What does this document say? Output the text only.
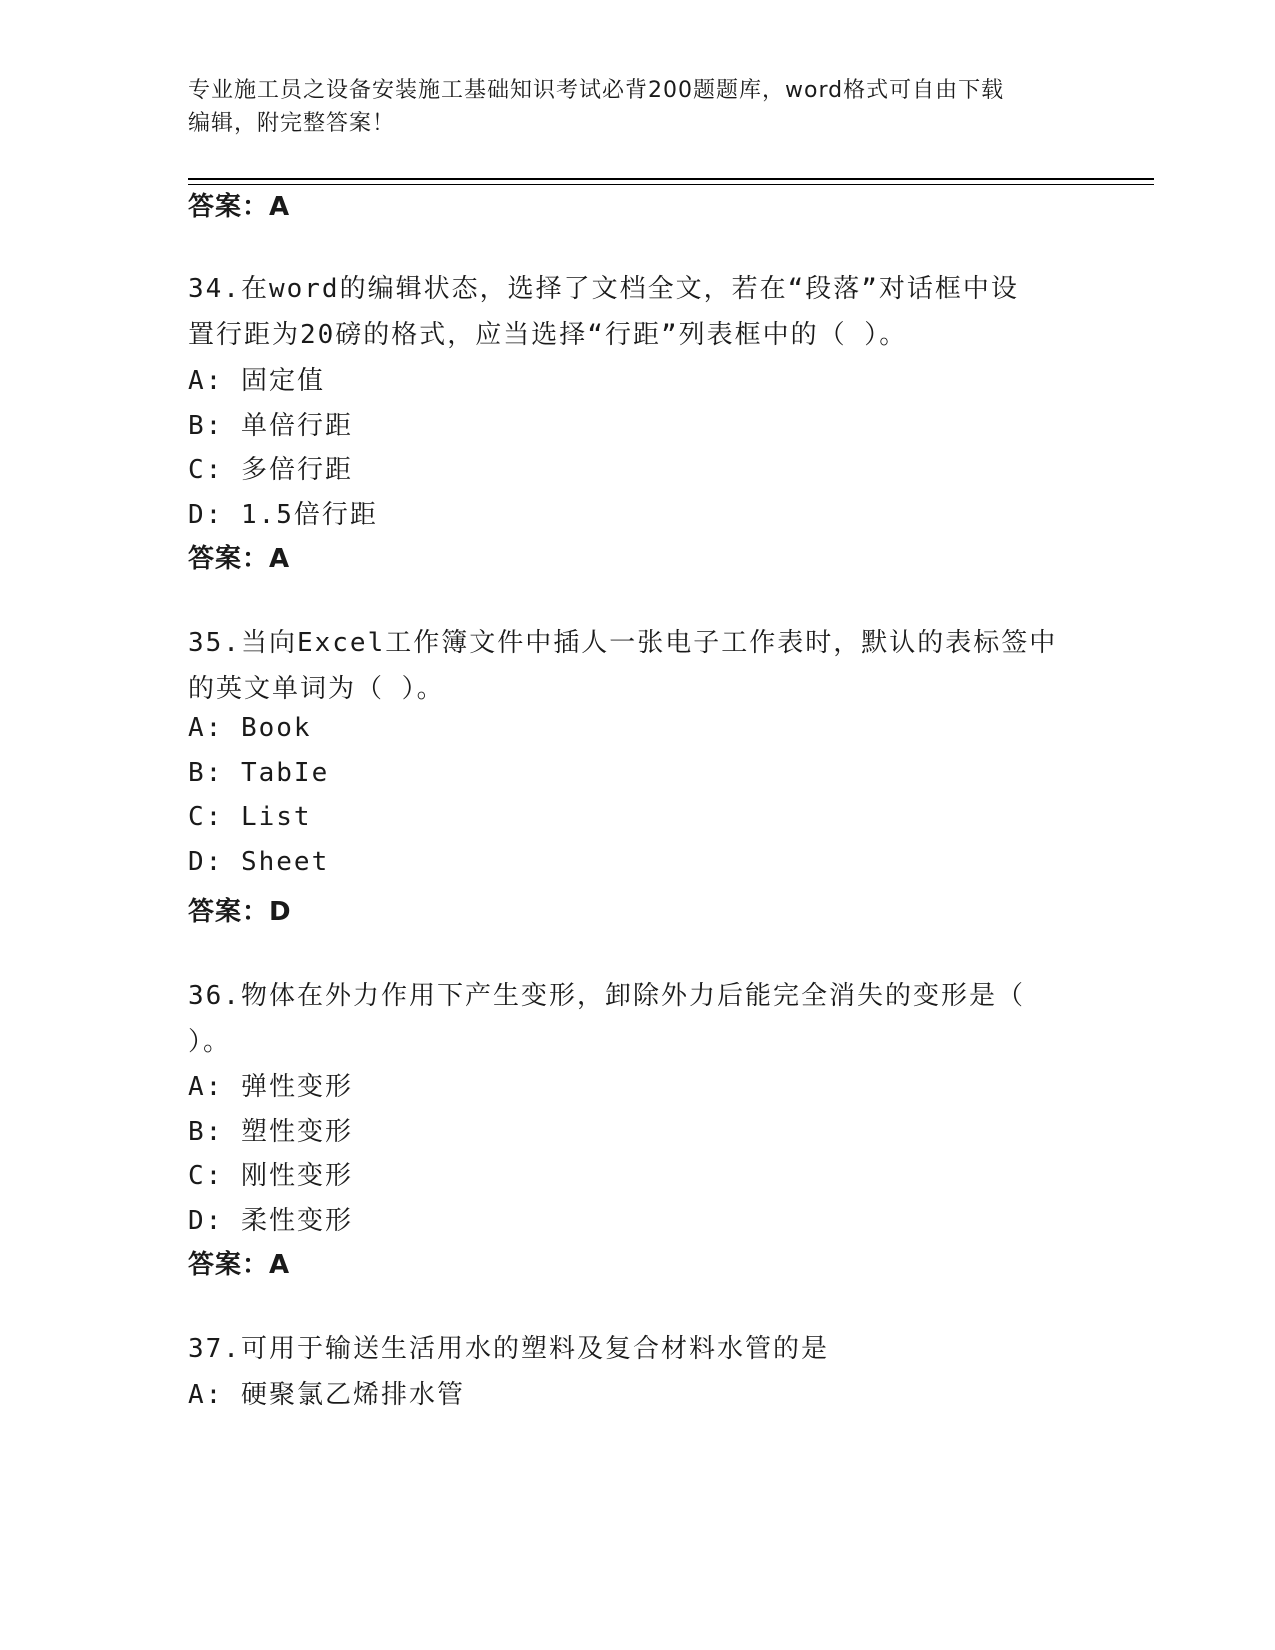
专业施工员之设备安装施工基础知识考试必背200题题库，word格式可自由下载
编辑，附完整答案！
答案：A
34.在word的编辑状态，选择了文档全文，若在“段落”对话框中设
置行距为20磅的格式，应当选择“行距”列表框中的（ ）。
A: 固定值
B: 单倍行距
C: 多倍行距
D: 1.5倍行距
答案：A
35.当向Excel工作簿文件中插人一张电子工作表时，默认的表标签中
的英文单词为（ ）。
A: Book
B: TabIe
C: List
D: Sheet
答案：D
36.物体在外力作用下产生变形，卸除外力后能完全消失的变形是（
）。
A: 弹性变形
B: 塑性变形
C: 刚性变形
D: 柔性变形
答案：A
37.可用于输送生活用水的塑料及复合材料水管的是
A: 硬聚氯乙烯排水管
